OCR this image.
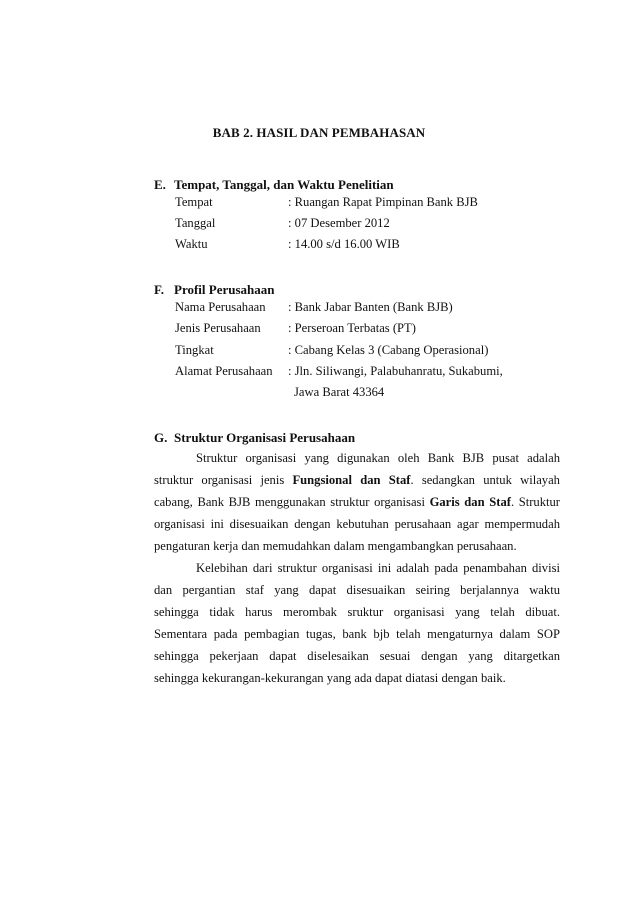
BAB 2. HASIL DAN PEMBAHASAN
E. Tempat, Tanggal, dan Waktu Penelitian
Tempat	: Ruangan Rapat Pimpinan Bank BJB
Tanggal	: 07 Desember 2012
Waktu	: 14.00 s/d 16.00 WIB
F. Profil Perusahaan
Nama Perusahaan : Bank Jabar Banten (Bank BJB)
Jenis Perusahaan : Perseroan Terbatas (PT)
Tingkat	: Cabang Kelas 3 (Cabang Operasional)
Alamat Perusahaan : Jln. Siliwangi, Palabuhanratu, Sukabumi,
Jawa Barat 43364
G. Struktur Organisasi Perusahaan
Struktur organisasi yang digunakan oleh Bank BJB pusat adalah
struktur organisasi jenis Fungsional dan Staf. sedangkan untuk wilayah
cabang, Bank BJB menggunakan struktur organisasi Garis dan Staf. Struktur
organisasi ini disesuaikan dengan kebutuhan perusahaan agar mempermudah
pengaturan kerja dan memudahkan dalam mengambangkan perusahaan.
Kelebihan dari struktur organisasi ini adalah pada penambahan divisi
dan pergantian staf yang dapat disesuaikan seiring berjalannya waktu
sehingga tidak harus merombak sruktur organisasi yang telah dibuat.
Sementara pada pembagian tugas, bank bjb telah mengaturnya dalam SOP
sehingga pekerjaan dapat diselesaikan sesuai dengan yang ditargetkan
sehingga kekurangan-kekurangan yang ada dapat diatasi dengan baik.
